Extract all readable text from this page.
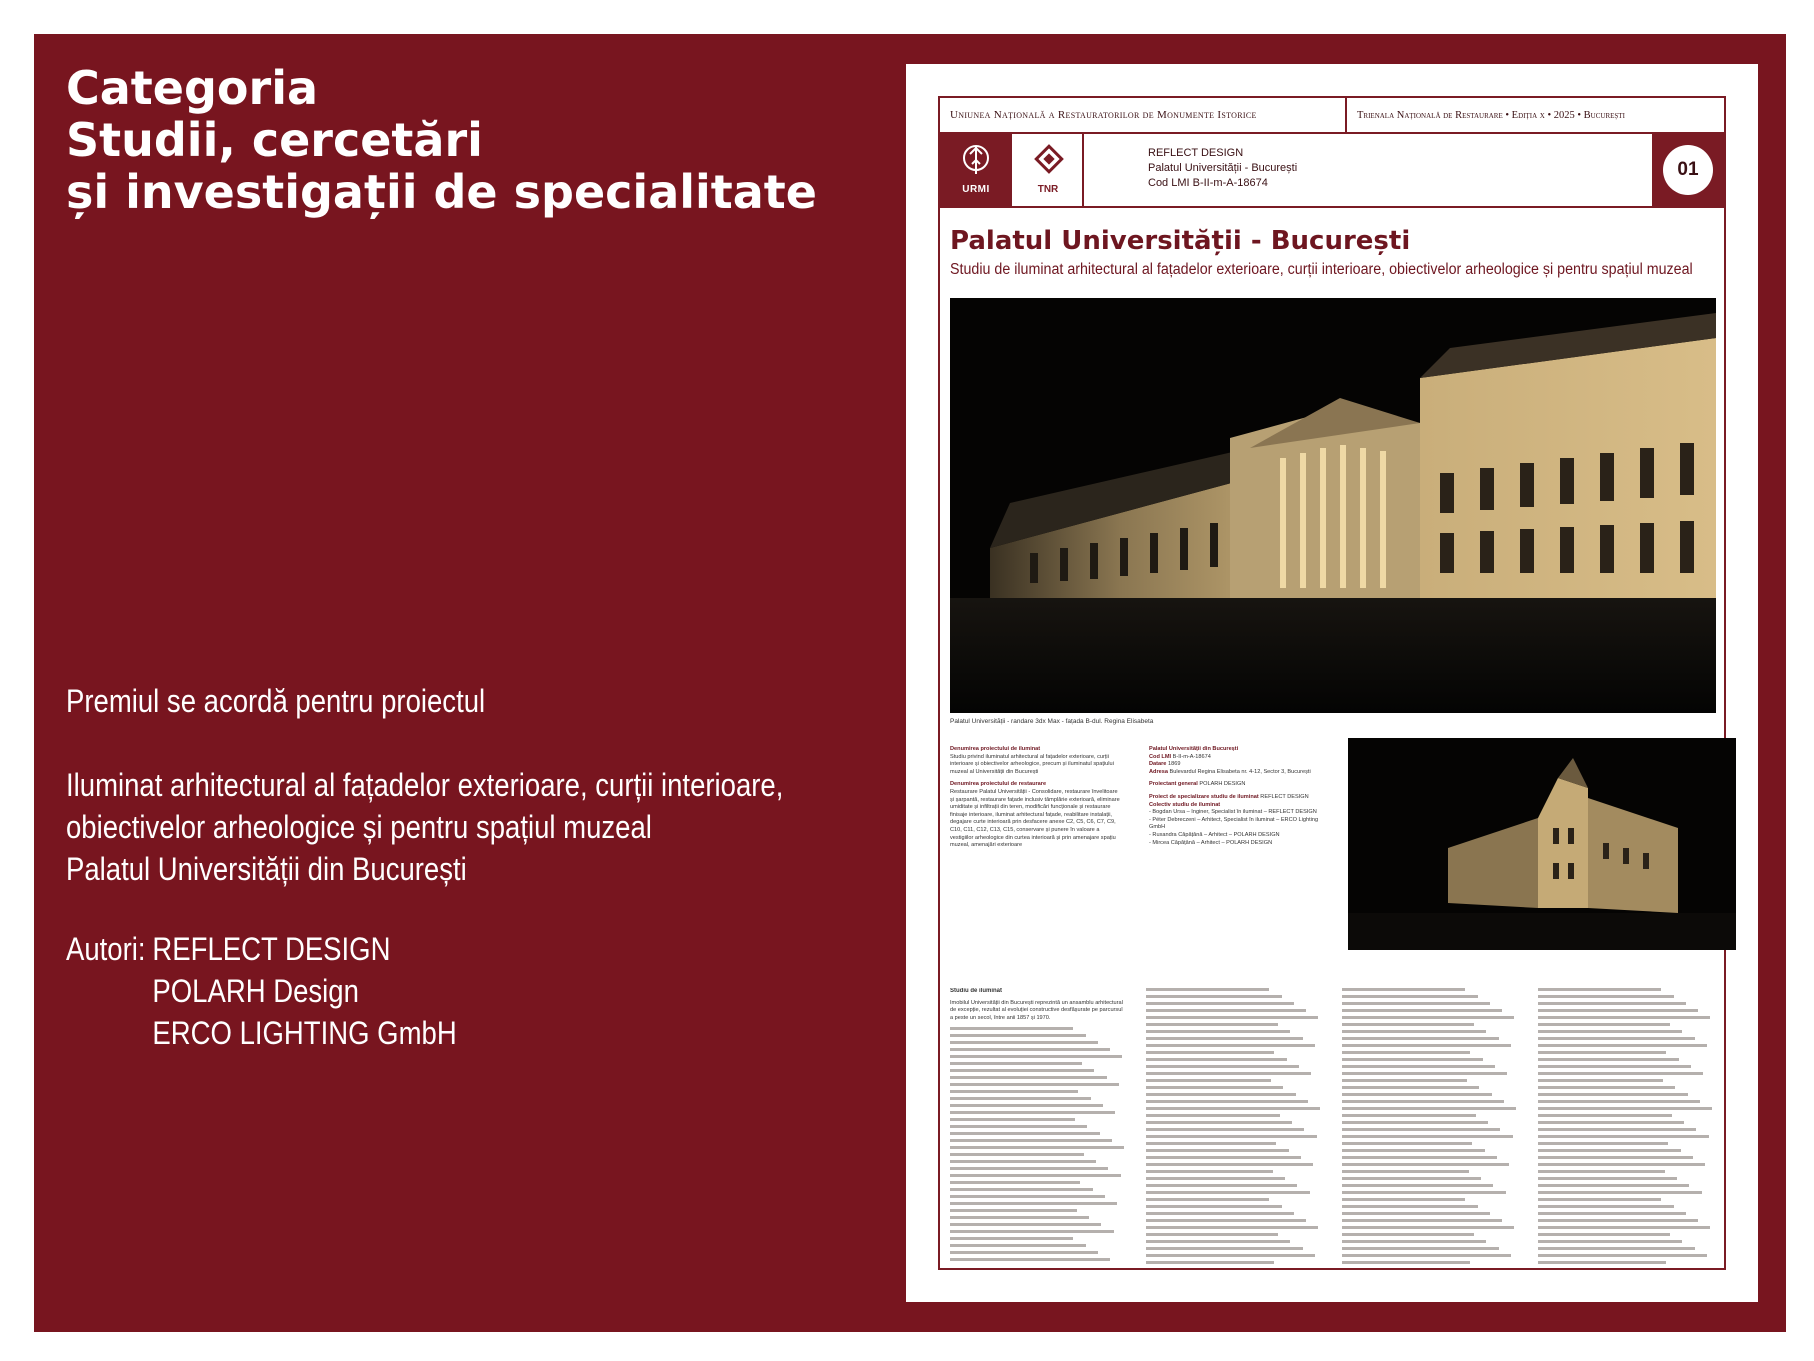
Categoria
Studii, cercetări
și investigații de specialitate
Premiul se acordă pentru proiectul
Iluminat arhitectural al fațadelor exterioare, curții interioare,
obiectivelor arheologice și pentru spațiul muzeal
Palatul Universității din București
Autori: REFLECT DESIGN
POLARH Design
ERCO LIGHTING GmbH
Uniunea Națională a Restauratorilor de Monumente Istorice	Trienala Națională de Restaurare • Ediția x • 2025 • București
URMI	TNR
REFLECT DESIGN
Palatul Universității - București
Cod LMI B-II-m-A-18674
01
Palatul Universității - București
Studiu de iluminat arhitectural al fațadelor exterioare, curții interioare, obiectivelor arheologice și pentru spațiul muzeal
Palatul Universității - randare 3dx Max - fațada B-dul. Regina Elisabeta

Denumirea proiectului de iluminat
Studiu privind iluminatul arhitectural al fațadelor exterioare, curții interioare și obiectivelor arheologice, precum și iluminatul spațiului muzeal al Universității din București

Denumirea proiectului de restaurare
Restaurare Palatul Universității - Consolidare, restaurare învelitoare și șarpantă, restaurare fațade inclusiv tâmplărie exterioară, eliminare umiditate și infiltrații din teren, modificări funcționale și restaurare finisaje interioare, iluminat arhitectural fațade, reabilitare instalații, degajare curte interioară prin desfacere anexe C2, C5, C6, C7, C9, C10, C11, C12, C13, C15, conservare și punere în valoare a vestigiilor arheologice din curtea interioară și prin amenajare spațiu muzeal, amenajări exterioare

Palatul Universității din București
Cod LMI B-II-m-A-18674
Datare 1869
Adresa Bulevardul Regina Elisabeta nr. 4-12, Sector 3, București

Proiectant general POLARH DESIGN

Proiect de specializare studiu de iluminat REFLECT DESIGN
Colectiv studiu de iluminat
- Bogdan Ursa – Inginer, Specialist în iluminat – REFLECT DESIGN
- Péter Debreczeni – Arhitect, Specialist în iluminat – ERCO Lighting GmbH
- Ruxandra Căpățână – Arhitect – POLARH DESIGN
- Mircea Căpățână – Arhitect – POLARH DESIGN

Studiu de iluminat

Imobilul Universității din București reprezintă un ansamblu arhitectural de excepție, rezultat al evoluției constructive desfășurate pe parcursul a peste un secol, între anii 1857 și 1970.
